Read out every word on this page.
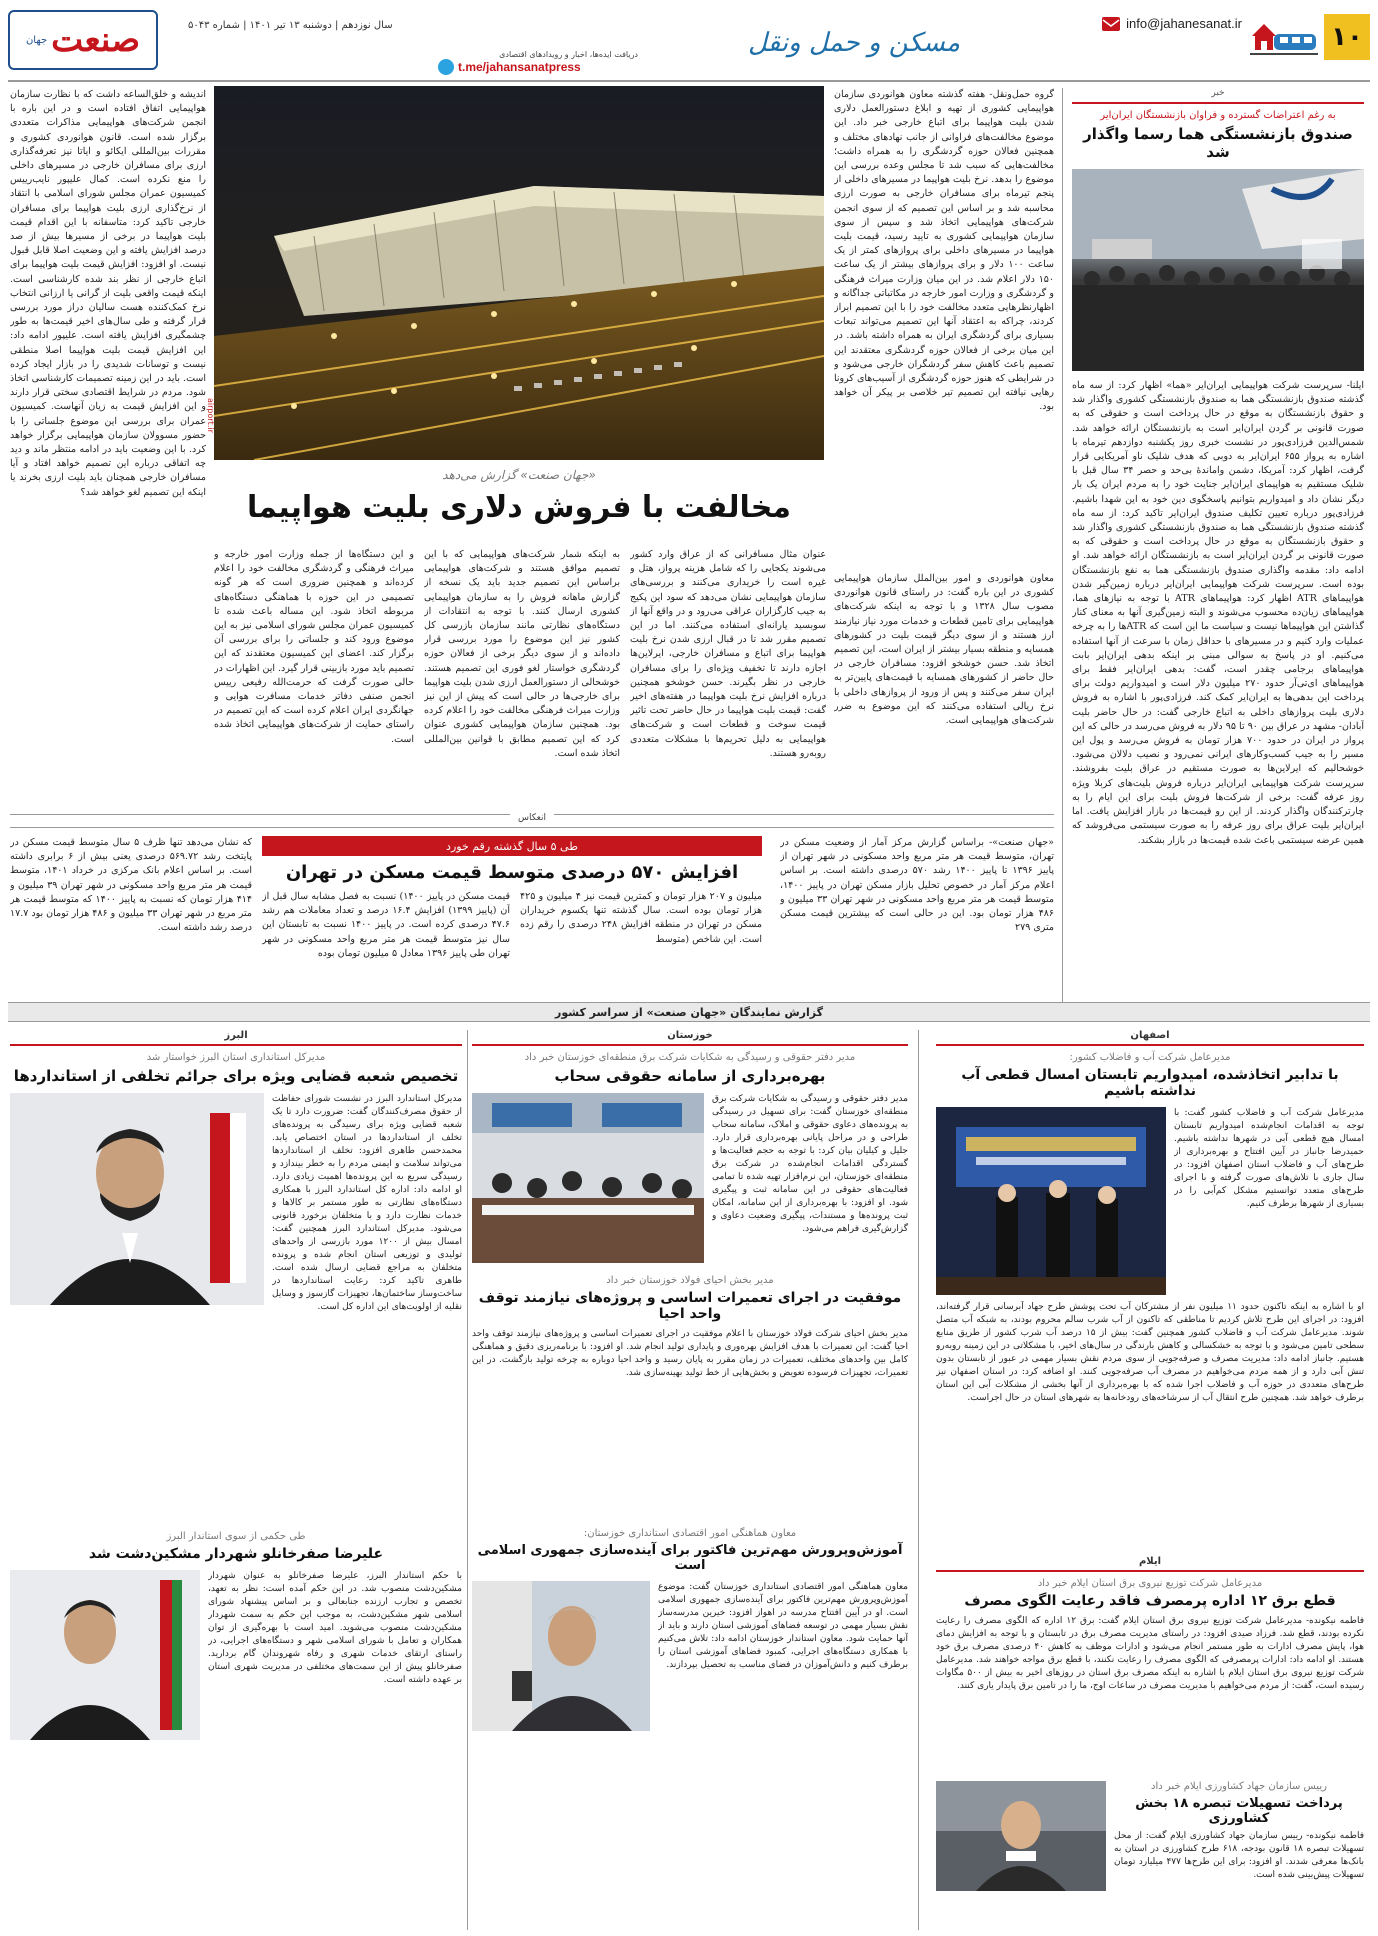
۱۰
info@jahanesanat.ir
مسکن و حمل ونقل
دریافت ایده‌ها، اخبار و رویدادهای اقتصادی
t.me/jahansanatpress
سال نوزدهم | دوشنبه ۱۳ تیر ۱۴۰۱ | شماره ۵۰۴۳
صنعت
جهان
خبر
به رغم اعتراضات گسترده و فراوان بازنشستگان ایران‌ایر
صندوق بازنشستگی هما رسما واگذار شد
ایلنا- سرپرست شرکت هواپیمایی ایران‌ایر «هما» اظهار کرد: از سه ماه گذشته صندوق بازنشستگی هما به صندوق بازنشستگی کشوری واگذار شد و حقوق بازنشستگان به موقع در حال پرداخت است و حقوقی که به صورت قانونی بر گردن ایران‌ایر است به بازنشستگان ارائه خواهد شد. شمس‌الدین فرزادی‌پور در نشست خبری روز یکشنبه دوازدهم تیرماه با اشاره به پرواز ۶۵۵ ایران‌ایر به دوبی که هدف شلیک ناو آمریکایی قرار گرفت، اظهار کرد: آمریکا، دشمن واماندۀ بی‌حد و حصر ۳۴ سال قبل با شلیک مستقیم به هواپیمای ایران‌ایر جنایت خود را به مردم ایران یک بار دیگر نشان داد و امیدواریم بتوانیم پاسخگوی دین خود به این شهدا باشیم. فرزادی‌پور درباره تعیین تکلیف صندوق ایران‌ایر تاکید کرد: از سه ماه گذشته صندوق بازنشستگی هما به صندوق بازنشستگی کشوری واگذار شد و حقوق بازنشستگان به موقع در حال پرداخت است و حقوقی که به صورت قانونی بر گردن ایران‌ایر است به بازنشستگان ارائه خواهد شد. او ادامه داد: مقدمه واگذاری صندوق بازنشستگی هما به نفع بازنشستگان بوده است. سرپرست شرکت هواپیمایی ایران‌ایر درباره زمین‌گیر شدن هواپیماهای ATR اظهار کرد: هواپیماهای ATR با توجه به نیازهای هما، هواپیماهای زیان‌ده محسوب می‌شوند و البته زمین‌گیری آنها به معنای کنار گذاشتن این هواپیماها نیست و سیاست ما این است که ATRها را به چرخه عملیات وارد کنیم و در مسیرهای با حداقل زمان با سرعت از آنها استفاده می‌کنیم. او در پاسخ به سوالی مبنی بر اینکه بدهی ایران‌ایر بابت هواپیماهای برجامی چقدر است، گفت: بدهی ایران‌ایر فقط برای هواپیماهای ای‌تی‌آر حدود ۲۷۰ میلیون دلار است و امیدواریم دولت برای پرداخت این بدهی‌ها به ایران‌ایر کمک کند. فرزادی‌پور با اشاره به فروش دلاری بلیت پروازهای داخلی به اتباع خارجی گفت: در حال حاضر بلیت آبادان- مشهد در عراق بین ۹۰ تا ۹۵ دلار به فروش می‌رسد در حالی که این پرواز در ایران در حدود ۷۰۰ هزار تومان به فروش می‌رسد و پول این مسیر را به جیب کسب‌وکارهای ایرانی نمی‌رود و نصیب دلالان می‌شود. خوشحالیم که ایرلاین‌ها به صورت مستقیم در عراق بلیت بفروشند. سرپرست شرکت هواپیمایی ایران‌ایر درباره فروش بلیت‌های کربلا ویژه روز عرفه گفت: برخی از شرکت‌ها فروش بلیت برای این ایام را به چارترکنندگان واگذار کردند. از این رو قیمت‌ها در بازار افزایش یافت. اما ایران‌ایر بلیت عراق برای روز عرفه را به صورت سیستمی می‌فروشد که همین عرضه سیستمی باعث شده قیمت‌ها در بازار بشکند.
airport.ir
گروه حمل‌ونقل- هفته گذشته معاون هوانوردی سازمان هواپیمایی کشوری از تهیه و ابلاغ دستورالعمل دلاری شدن بلیت هواپیما برای اتباع خارجی خبر داد. این موضوع مخالفت‌های فراوانی از جانب نهادهای مختلف و همچنین فعالان حوزه گردشگری را به همراه داشت؛ مخالفت‌هایی که سبب شد تا مجلس وعده بررسی این موضوع را بدهد. نرخ بلیت هواپیما در مسیرهای داخلی از پنجم تیرماه برای مسافران خارجی به صورت ارزی محاسبه شد و بر اساس این تصمیم که از سوی انجمن شرکت‌های هواپیمایی اتخاذ شد و سپس از سوی سازمان هواپیمایی کشوری به تایید رسید، قیمت بلیت هواپیما در مسیرهای داخلی برای پروازهای کمتر از یک ساعت ۱۰۰ دلار و برای پروازهای بیشتر از یک ساعت ۱۵۰ دلار اعلام شد. در این میان وزارت میراث فرهنگی و گردشگری و وزارت امور خارجه در مکاتباتی جداگانه و اظهارنظرهایی متعدد مخالفت خود را با این تصمیم ابراز کردند، چراکه به اعتقاد آنها این تصمیم می‌تواند تبعات بسیاری برای گردشگری ایران به همراه داشته باشد. در این میان برخی از فعالان حوزه گردشگری معتقدند این تصمیم باعث کاهش سفر گردشگران خارجی می‌شود و در شرایطی که هنوز حوزه گردشگری از آسیب‌های کرونا رهایی نیافته این تصمیم تیر خلاصی بر پیکر آن خواهد بود.
اندیشه و خلق‌الساعه داشت که با نظارت سازمان هواپیمایی اتفاق افتاده است و در این باره با انجمن شرکت‌های هواپیمایی مذاکرات متعددی برگزار شده است. قانون هوانوردی کشوری و مقررات بین‌المللی ایکائو و ایاتا نیز تعرفه‌گذاری ارزی برای مسافران خارجی در مسیرهای داخلی را منع نکرده است. کمال علیپور نایب‌رییس کمیسیون عمران مجلس شورای اسلامی با انتقاد از نرخ‌گذاری ارزی بلیت هواپیما برای مسافران خارجی تاکید کرد: متاسفانه با این اقدام قیمت بلیت هواپیما در برخی از مسیرها بیش از صد درصد افزایش یافته و این وضعیت اصلا قابل قبول نیست. او افزود: افزایش قیمت بلیت هواپیما برای اتباع خارجی از نظر بند شده کارشناسی است. اینکه قیمت واقعی بلیت از گرانی یا ارزانی انتخاب نرخ کمک‌کننده هست سالیان دراز مورد بررسی قرار گرفته و طی سال‌های اخیر قیمت‌ها به طور چشمگیری افزایش یافته است. علیپور ادامه داد: این افزایش قیمت بلیت هواپیما اصلا منطقی نیست و توسانات شدیدی را در بازار ایجاد کرده است. باید در این زمینه تصمیمات کارشناسی اتخاذ شود. مردم در شرایط اقتصادی سختی قرار دارند و این افزایش قیمت به زیان آنهاست. کمیسیون عمران برای بررسی این موضوع جلساتی را با حضور مسوولان سازمان هواپیمایی برگزار خواهد کرد. با این وضعیت باید در ادامه منتظر ماند و دید چه اتفاقی درباره این تصمیم خواهد افتاد و آیا مسافران خارجی همچنان باید بلیت ارزی بخرند یا اینکه این تصمیم لغو خواهد شد؟
«جهان صنعت» گزارش می‌دهد
مخالفت با فروش دلاری بلیت هواپیما
معاون هوانوردی و امور بین‌الملل سازمان هواپیمایی کشوری در این باره گفت: در راستای قانون هوانوردی مصوب سال ۱۳۲۸ و با توجه به اینکه شرکت‌های هواپیمایی برای تامین قطعات و خدمات مورد نیاز نیازمند ارز هستند و از سوی دیگر قیمت بلیت در کشورهای همسایه و منطقه بسیار بیشتر از ایران است، این تصمیم اتخاذ شد. حسن خوشخو افزود: مسافران خارجی در حال حاضر از کشورهای همسایه با قیمت‌های پایین‌تر به ایران سفر می‌کنند و پس از ورود از پروازهای داخلی با نرخ ریالی استفاده می‌کنند که این موضوع به ضرر شرکت‌های هواپیمایی است.
عنوان مثال مسافرانی که از عراق وارد کشور می‌شوند یکجایی را که شامل هزینه پرواز، هتل و غیره است را خریداری می‌کنند و بررسی‌های سازمان هواپیمایی نشان می‌دهد که سود این پکیج به جیب کارگزاران عراقی می‌رود و در واقع آنها از سوبسید یارانه‌ای استفاده می‌کنند. اما در این تصمیم مقرر شد تا در قبال ارزی شدن نرخ بلیت هواپیما برای اتباع و مسافران خارجی، ایرلاین‌ها اجازه دارند تا تخفیف ویژه‌ای را برای مسافران خارجی در نظر بگیرند. حسن خوشخو همچنین درباره افزایش نرخ بلیت هواپیما در هفته‌های اخیر گفت: قیمت بلیت هواپیما در حال حاضر تحت تاثیر قیمت سوخت و قطعات است و شرکت‌های هواپیمایی به دلیل تحریم‌ها با مشکلات متعددی روبه‌رو هستند.
به اینکه شمار شرکت‌های هواپیمایی که با این تصمیم موافق هستند و شرکت‌های هواپیمایی براساس این تصمیم جدید باید یک نسخه از گزارش ماهانه فروش را به سازمان هواپیمایی کشوری ارسال کنند. با توجه به انتقادات از دستگاه‌های نظارتی مانند سازمان بازرسی کل کشور نیز این موضوع را مورد بررسی قرار داده‌اند و از سوی دیگر برخی از فعالان حوزه گردشگری خواستار لغو فوری این تصمیم هستند. خوشحالی از دستورالعمل ارزی شدن بلیت هواپیما برای خارجی‌ها در حالی است که پیش از این نیز وزارت میراث فرهنگی مخالفت خود را اعلام کرده بود. همچنین سازمان هواپیمایی کشوری عنوان کرد که این تصمیم مطابق با قوانین بین‌المللی اتخاذ شده است.
و این دستگاه‌ها از جمله وزارت امور خارجه و میراث فرهنگی و گردشگری مخالفت خود را اعلام کرده‌اند و همچنین ضروری است که هر گونه تصمیمی در این حوزه با هماهنگی دستگاه‌های مربوطه اتخاذ شود. این مساله باعث شده تا کمیسیون عمران مجلس شورای اسلامی نیز به این موضوع ورود کند و جلساتی را برای بررسی آن برگزار کند. اعضای این کمیسیون معتقدند که این تصمیم باید مورد بازبینی قرار گیرد. این اظهارات در حالی صورت گرفت که حرمت‌الله رفیعی رییس انجمن صنفی دفاتر خدمات مسافرت هوایی و جهانگردی ایران اعلام کرده است که این تصمیم در راستای حمایت از شرکت‌های هواپیمایی اتخاذ شده است.
انعکاس
طی ۵ سال گذشته رقم خورد
افزایش ۵۷۰ درصدی متوسط قیمت مسکن در تهران
«جهان صنعت»- براساس گزارش مرکز آمار از وضعیت مسکن در تهران، متوسط قیمت هر متر مربع واحد مسکونی در شهر تهران از پاییز ۱۳۹۶ تا پاییز ۱۴۰۰ رشد ۵۷۰ درصدی داشته است. بر اساس اعلام مرکز آمار در خصوص تحلیل بازار مسکن تهران در پاییز ۱۴۰۰، متوسط قیمت هر متر مربع واحد مسکونی در شهر تهران ۳۳ میلیون و ۴۸۶ هزار تومان بود. این در حالی است که بیشترین قیمت مسکن متری ۲۷۹
میلیون و ۲۰۷ هزار تومان و کمترین قیمت نیز ۴ میلیون و ۴۲۵ هزار تومان بوده است. سال گذشته تنها یکسوم خریداران مسکن در تهران در منطقه افزایش ۲۴۸ درصدی را رقم زده است. این شاخص (متوسط
قیمت مسکن در پاییز ۱۴۰۰) نسبت به فصل مشابه سال قبل از آن (پاییز ۱۳۹۹) افزایش ۱۶.۴ درصد و تعداد معاملات هم رشد ۴۷.۶ درصدی کرده است. در پاییز ۱۴۰۰ نسبت به تابستان این سال نیز متوسط قیمت هر متر مربع واحد مسکونی در شهر تهران طی پاییز ۱۳۹۶ معادل ۵ میلیون تومان بوده
که نشان می‌دهد تنها ظرف ۵ سال متوسط قیمت مسکن در پایتخت رشد ۵۶۹.۷۲ درصدی یعنی بیش از ۶ برابری داشته است. بر اساس اعلام بانک مرکزی در خرداد ۱۴۰۱، متوسط قیمت هر متر مربع واحد مسکونی در شهر تهران ۳۹ میلیون و ۴۱۴ هزار تومان که نسبت به پاییز ۱۴۰۰ که متوسط قیمت هر متر مربع در شهر تهران ۳۳ میلیون و ۴۸۶ هزار تومان بود ۱۷.۷ درصد رشد داشته است.
گزارش نمایندگان «جهان صنعت» از سراسر کشور
اصفهان
مدیرعامل شرکت آب و فاضلاب کشور:
با تدابیر اتخاذشده، امیدواریم تابستان امسال قطعی آب نداشته باشیم
مدیرعامل شرکت آب و فاضلاب کشور گفت: با توجه به اقدامات انجام‌شده امیدواریم تابستان امسال هیچ قطعی آبی در شهرها نداشته باشیم. حمیدرضا جانباز در آیین افتتاح و بهره‌برداری از طرح‌های آب و فاضلاب استان اصفهان افزود: در سال جاری با تلاش‌های صورت گرفته و با اجرای طرح‌های متعدد توانستیم مشکل کم‌آبی را در بسیاری از شهرها برطرف کنیم.
او با اشاره به اینکه تاکنون حدود ۱۱ میلیون نفر از مشترکان آب تحت پوشش طرح جهاد آبرسانی قرار گرفته‌اند، افزود: در اجرای این طرح تلاش کردیم تا مناطقی که تاکنون از آب شرب سالم محروم بودند، به شبکه آب متصل شوند. مدیرعامل شرکت آب و فاضلاب کشور همچنین گفت: بیش از ۱۵ درصد آب شرب کشور از طریق منابع سطحی تامین می‌شود و با توجه به خشکسالی و کاهش بارندگی در سال‌های اخیر، با مشکلاتی در این زمینه روبه‌رو هستیم. جانباز ادامه داد: مدیریت مصرف و صرفه‌جویی از سوی مردم نقش بسیار مهمی در عبور از تابستان بدون تنش آبی دارد و از همه مردم می‌خواهیم در مصرف آب صرفه‌جویی کنند. او اضافه کرد: در استان اصفهان نیز طرح‌های متعددی در حوزه آب و فاضلاب اجرا شده که با بهره‌برداری از آنها بخشی از مشکلات آبی این استان برطرف خواهد شد. همچنین طرح انتقال آب از سرشاخه‌های رودخانه‌ها به شهرهای استان در حال اجراست.
ایلام
مدیرعامل شرکت توزیع نیروی برق استان ایلام خبر داد
قطع برق ۱۲ اداره پرمصرف فاقد رعایت الگوی مصرف
فاطمه نیکونده- مدیرعامل شرکت توزیع نیروی برق استان ایلام گفت: برق ۱۲ اداره که الگوی مصرف را رعایت نکرده بودند، قطع شد. فرزاد صیدی افزود: در راستای مدیریت مصرف برق در تابستان و با توجه به افزایش دمای هوا، پایش مصرف ادارات به طور مستمر انجام می‌شود و ادارات موظف به کاهش ۴۰ درصدی مصرف برق خود هستند. او ادامه داد: ادارات پرمصرفی که الگوی مصرف را رعایت نکنند، با قطع برق مواجه خواهند شد. مدیرعامل شرکت توزیع نیروی برق استان ایلام با اشاره به اینکه مصرف برق استان در روزهای اخیر به بیش از ۵۰۰ مگاوات رسیده است، گفت: از مردم می‌خواهیم با مدیریت مصرف در ساعات اوج، ما را در تامین برق پایدار یاری کنند.
رییس سازمان جهاد کشاورزی ایلام خبر داد
پرداخت تسهیلات تبصره ۱۸ بخش کشاورزی
فاطمه نیکونده- رییس سازمان جهاد کشاورزی ایلام گفت: از محل تسهیلات تبصره ۱۸ قانون بودجه، ۶۱۸ طرح کشاورزی در استان به بانک‌ها معرفی شدند. او افزود: برای این طرح‌ها ۴۷۷ میلیارد تومان تسهیلات پیش‌بینی شده است.
خوزستان
مدیر دفتر حقوقی و رسیدگی به شکایات شرکت برق منطقه‌ای خوزستان خبر داد
بهره‌برداری از سامانه حقوقی سحاب
مدیر دفتر حقوقی و رسیدگی به شکایات شرکت برق منطقه‌ای خوزستان گفت: برای تسهیل در رسیدگی به پرونده‌های دعاوی حقوقی و املاک، سامانه سحاب طراحی و در مراحل پایانی بهره‌برداری قرار دارد. جلیل و کیلیان بیان کرد: با توجه به حجم فعالیت‌ها و گستردگی اقدامات انجام‌شده در شرکت برق منطقه‌ای خوزستان، این نرم‌افزار تهیه شده تا تمامی فعالیت‌های حقوقی در این سامانه ثبت و پیگیری شود. او افزود: با بهره‌برداری از این سامانه، امکان ثبت پرونده‌ها و مستندات، پیگیری وضعیت دعاوی و گزارش‌گیری فراهم می‌شود.
مدیر بخش احیای فولاد خوزستان خبر داد
موفقیت در اجرای تعمیرات اساسی و پروژه‌های نیازمند توقف واحد احیا
مدیر بخش احیای شرکت فولاد خوزستان با اعلام موفقیت در اجرای تعمیرات اساسی و پروژه‌های نیازمند توقف واحد احیا گفت: این تعمیرات با هدف افزایش بهره‌وری و پایداری تولید انجام شد. او افزود: با برنامه‌ریزی دقیق و هماهنگی کامل بین واحدهای مختلف، تعمیرات در زمان مقرر به پایان رسید و واحد احیا دوباره به چرخه تولید بازگشت. در این تعمیرات، تجهیزات فرسوده تعویض و بخش‌هایی از خط تولید بهینه‌سازی شد.
معاون هماهنگی امور اقتصادی استانداری خوزستان:
آموزش‌وپرورش مهم‌ترین فاکتور برای آینده‌سازی جمهوری اسلامی است
معاون هماهنگی امور اقتصادی استانداری خوزستان گفت: موضوع آموزش‌وپرورش مهم‌ترین فاکتور برای آینده‌سازی جمهوری اسلامی است. او در آیین افتتاح مدرسه در اهواز افزود: خیرین مدرسه‌ساز نقش بسیار مهمی در توسعه فضاهای آموزشی استان دارند و باید از آنها حمایت شود. معاون استاندار خوزستان ادامه داد: تلاش می‌کنیم با همکاری دستگاه‌های اجرایی، کمبود فضاهای آموزشی استان را برطرف کنیم و دانش‌آموزان در فضای مناسب به تحصیل بپردازند.
البرز
مدیرکل استانداری استان البرز خواستار شد
تخصیص شعبه قضایی ویژه برای جرائم تخلفی از استانداردها
مدیرکل استاندارد البرز در نشست شورای حفاظت از حقوق مصرف‌کنندگان گفت: ضرورت دارد تا یک شعبه قضایی ویژه برای رسیدگی به پرونده‌های تخلف از استانداردها در استان اختصاص یابد. محمدحسن طاهری افزود: تخلف از استانداردها می‌تواند سلامت و ایمنی مردم را به خطر بیندازد و رسیدگی سریع به این پرونده‌ها اهمیت زیادی دارد. او ادامه داد: اداره کل استاندارد البرز با همکاری دستگاه‌های نظارتی به طور مستمر بر کالاها و خدمات نظارت دارد و با متخلفان برخورد قانونی می‌شود. مدیرکل استاندارد البرز همچنین گفت: امسال بیش از ۱۲۰۰ مورد بازرسی از واحدهای تولیدی و توزیعی استان انجام شده و پرونده متخلفان به مراجع قضایی ارسال شده است. طاهری تاکید کرد: رعایت استانداردها در ساخت‌وساز ساختمان‌ها، تجهیزات گازسوز و وسایل نقلیه از اولویت‌های این اداره کل است.
طی حکمی از سوی استاندار البرز
علیرضا صفرخانلو شهردار مشکین‌دشت شد
با حکم استاندار البرز، علیرضا صفرخانلو به عنوان شهردار مشکین‌دشت منصوب شد. در این حکم آمده است: نظر به تعهد، تخصص و تجارب ارزنده جنابعالی و بر اساس پیشنهاد شورای اسلامی شهر مشکین‌دشت، به موجب این حکم به سمت شهردار مشکین‌دشت منصوب می‌شوید. امید است با بهره‌گیری از توان همکاران و تعامل با شورای اسلامی شهر و دستگاه‌های اجرایی، در راستای ارتقای خدمات شهری و رفاه شهروندان گام بردارید. صفرخانلو پیش از این سمت‌های مختلفی در مدیریت شهری استان بر عهده داشته است.
